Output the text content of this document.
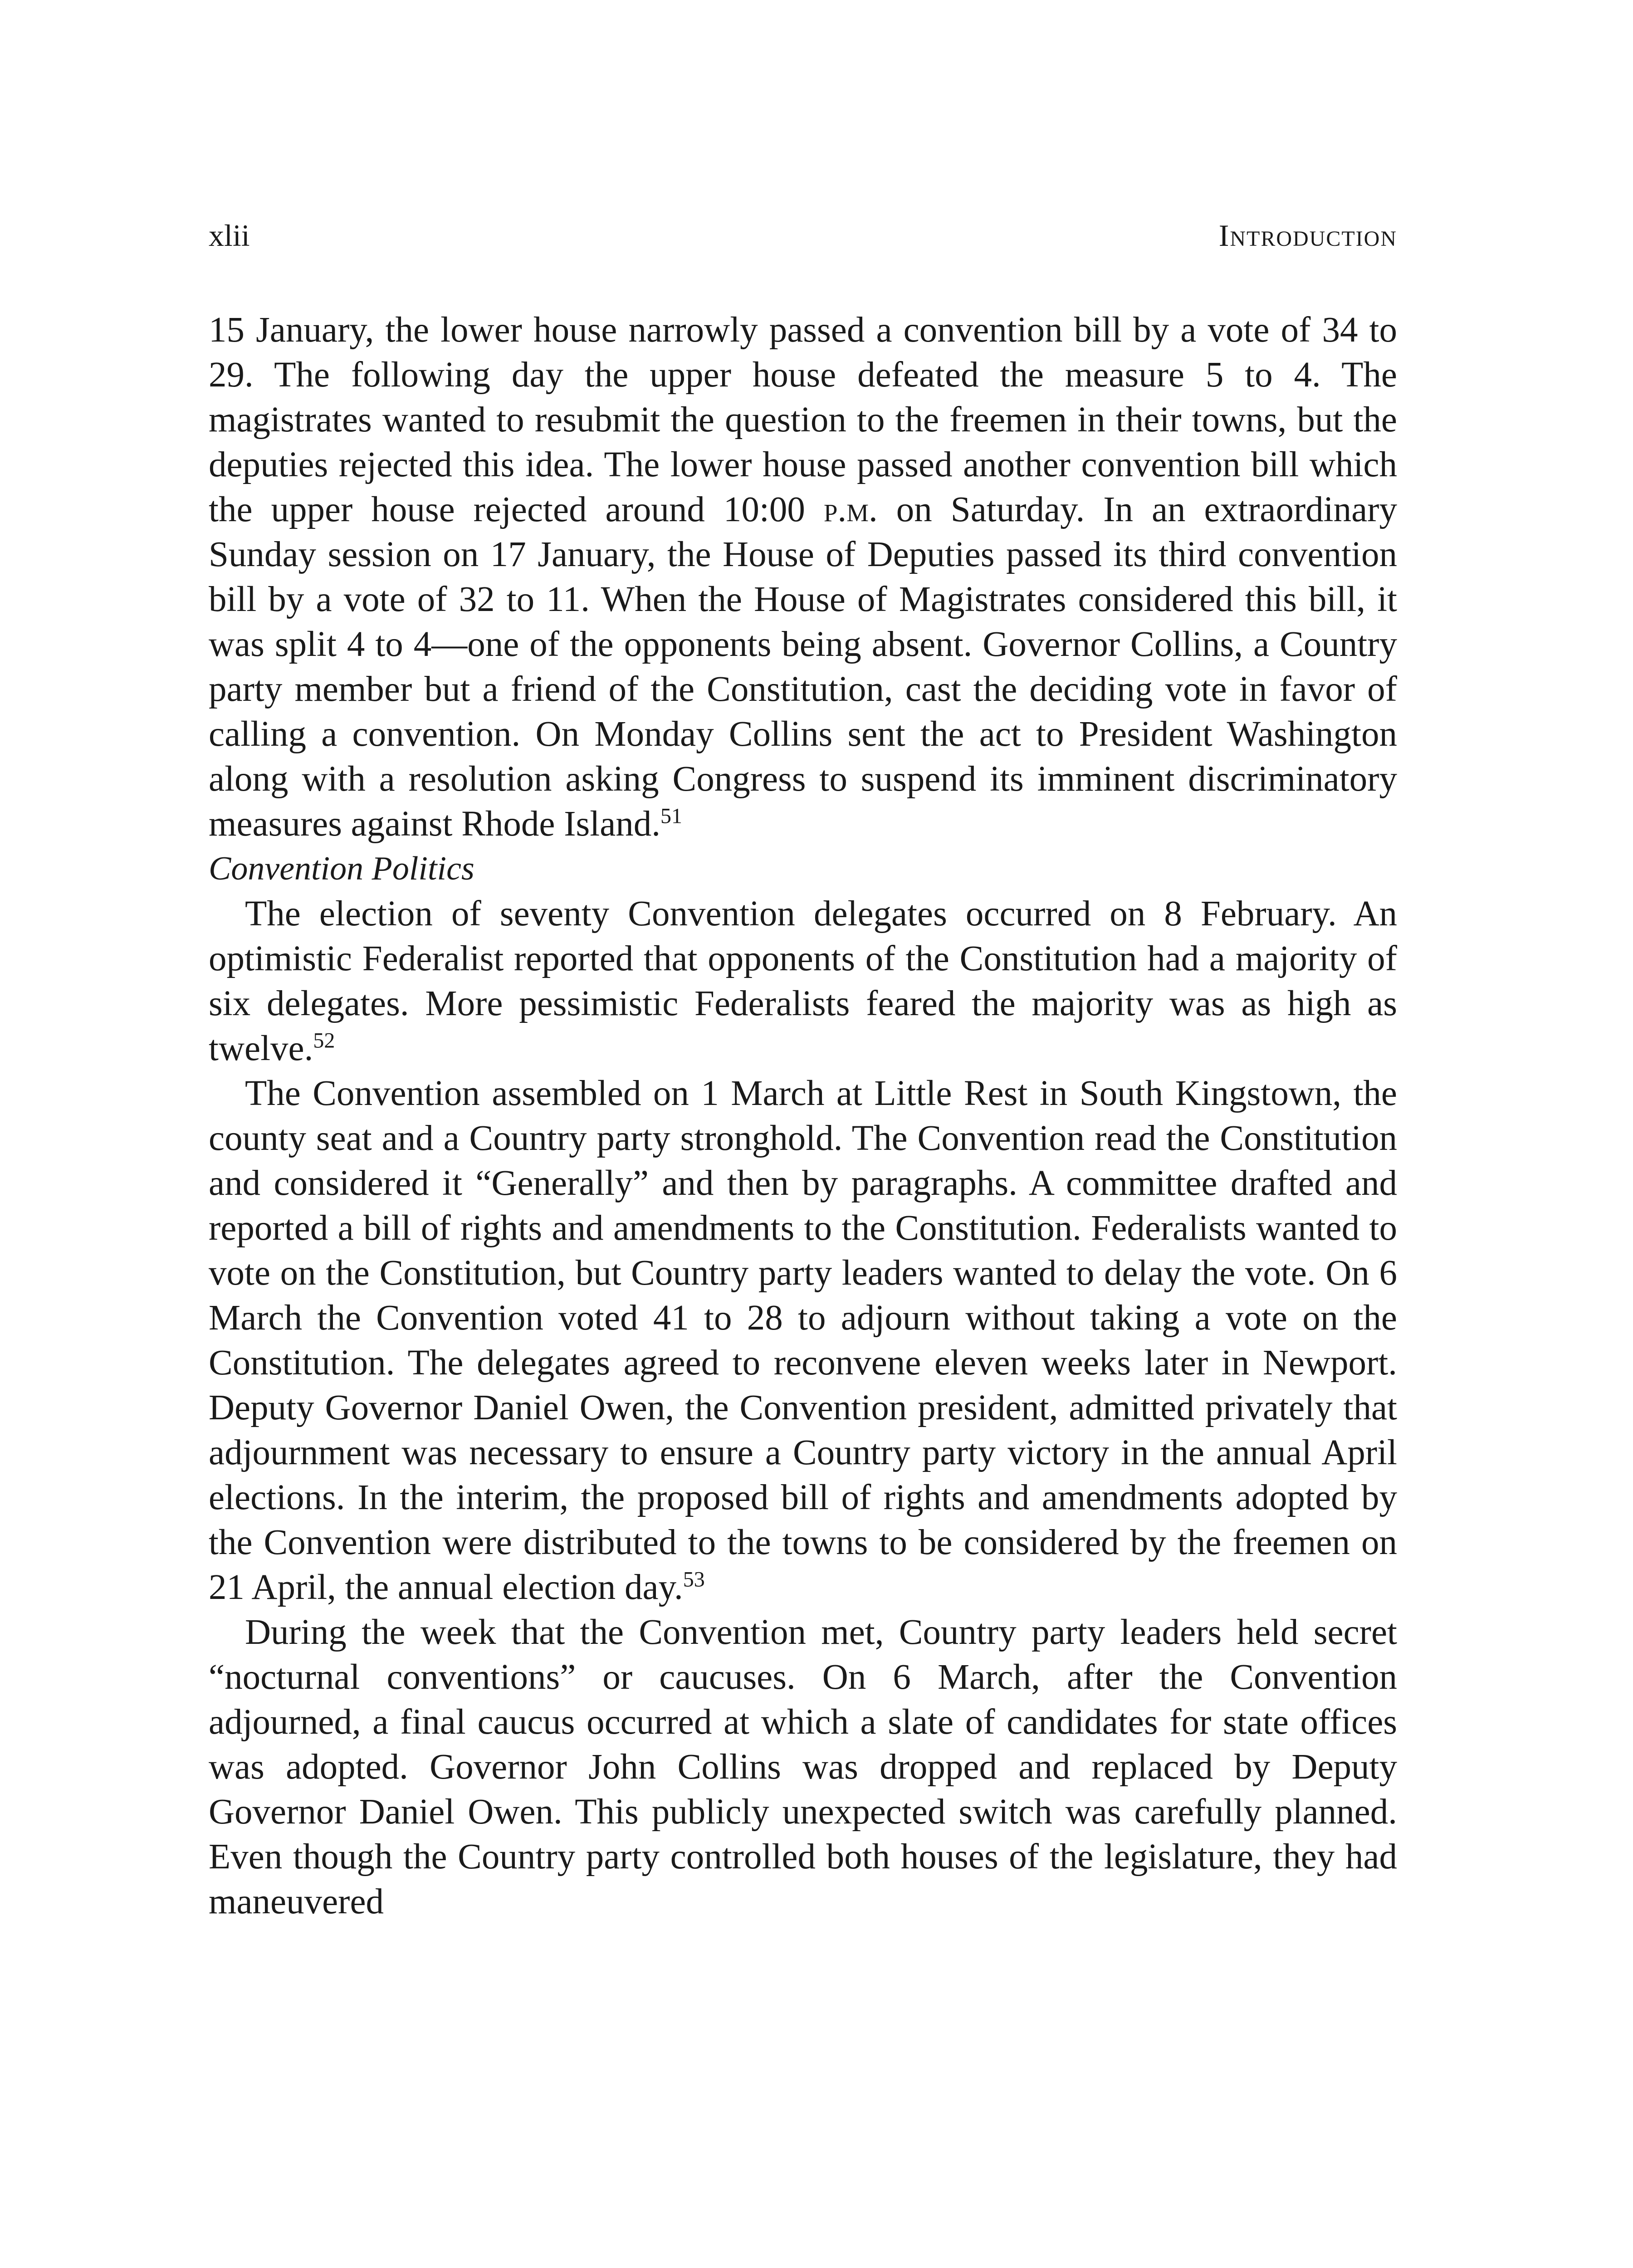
xlii	Introduction

15 January, the lower house narrowly passed a convention bill by a vote of 34 to 29. The following day the upper house defeated the measure 5 to 4. The magistrates wanted to resubmit the question to the freemen in their towns, but the deputies rejected this idea. The lower house passed another convention bill which the upper house rejected around 10:00 p.m. on Saturday. In an extraordinary Sunday session on 17 January, the House of Deputies passed its third convention bill by a vote of 32 to 11. When the House of Magistrates considered this bill, it was split 4 to 4—one of the opponents being absent. Governor Collins, a Country party member but a friend of the Constitution, cast the deciding vote in favor of calling a convention. On Monday Collins sent the act to President Washington along with a resolution asking Congress to suspend its imminent discriminatory measures against Rhode Island.$^{51}$

Convention Politics

The election of seventy Convention delegates occurred on 8 February. An optimistic Federalist reported that opponents of the Constitution had a majority of six delegates. More pessimistic Federalists feared the majority was as high as twelve.$^{52}$

The Convention assembled on 1 March at Little Rest in South Kingstown, the county seat and a Country party stronghold. The Convention read the Constitution and considered it “Generally” and then by paragraphs. A committee drafted and reported a bill of rights and amendments to the Constitution. Federalists wanted to vote on the Constitution, but Country party leaders wanted to delay the vote. On 6 March the Convention voted 41 to 28 to adjourn without taking a vote on the Constitution. The delegates agreed to reconvene eleven weeks later in Newport. Deputy Governor Daniel Owen, the Convention president, admitted privately that adjournment was necessary to ensure a Country party victory in the annual April elections. In the interim, the proposed bill of rights and amendments adopted by the Convention were distributed to the towns to be considered by the freemen on 21 April, the annual election day.$^{53}$

During the week that the Convention met, Country party leaders held secret “nocturnal conventions” or caucuses. On 6 March, after the Convention adjourned, a final caucus occurred at which a slate of candidates for state offices was adopted. Governor John Collins was dropped and replaced by Deputy Governor Daniel Owen. This publicly unexpected switch was carefully planned. Even though the Country party controlled both houses of the legislature, they had maneuvered
